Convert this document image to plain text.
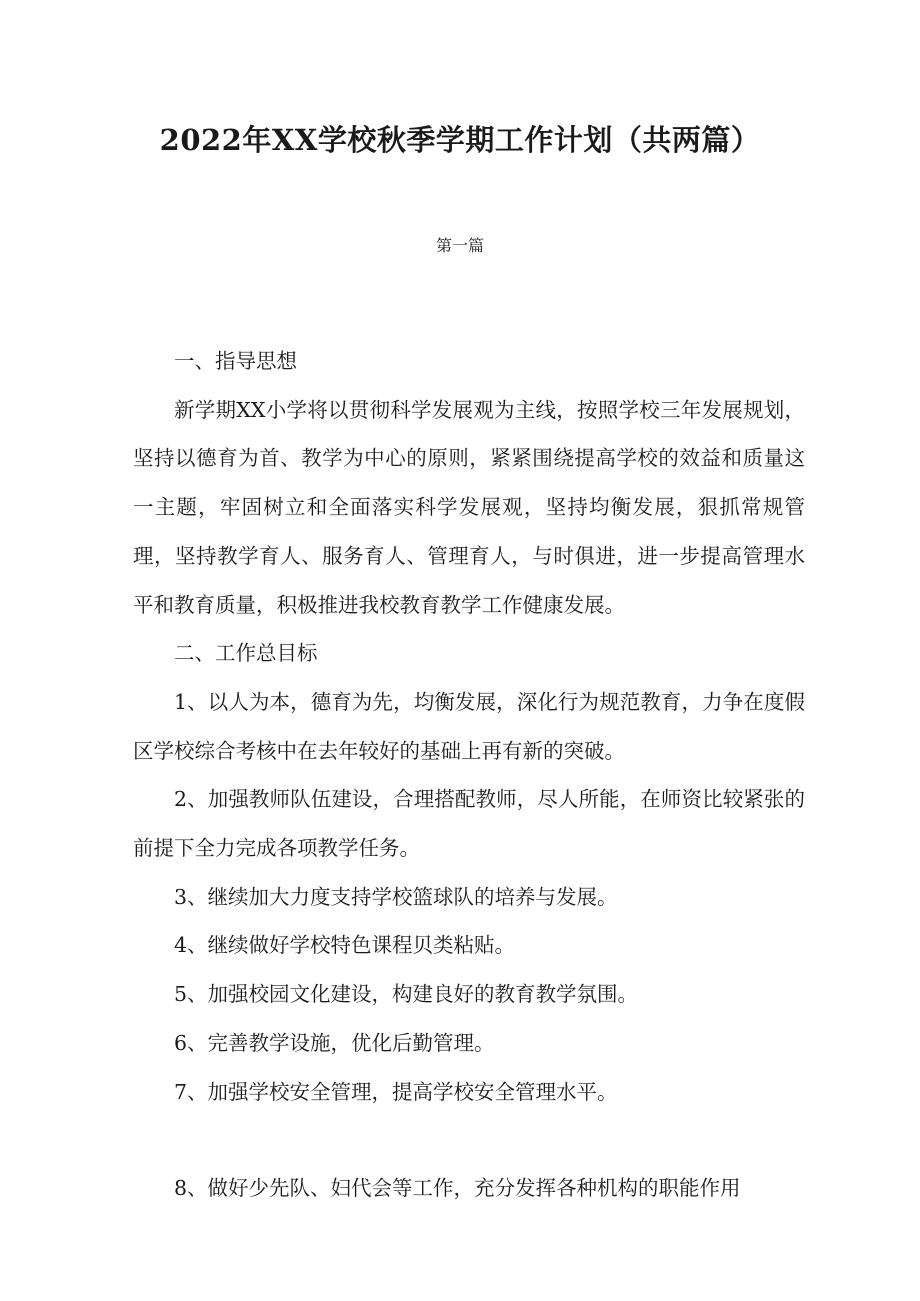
2022年XX学校秋季学期工作计划（共两篇）
第一篇

一、指导思想

新学期XX小学将以贯彻科学发展观为主线，按照学校三年发展规划，坚持以德育为首、教学为中心的原则，紧紧围绕提高学校的效益和质量这一主题，牢固树立和全面落实科学发展观，坚持均衡发展，狠抓常规管理，坚持教学育人、服务育人、管理育人，与时俱进，进一步提高管理水平和教育质量，积极推进我校教育教学工作健康发展。

二、工作总目标

1、以人为本，德育为先，均衡发展，深化行为规范教育，力争在度假区学校综合考核中在去年较好的基础上再有新的突破。

2、加强教师队伍建设，合理搭配教师，尽人所能，在师资比较紧张的前提下全力完成各项教学任务。

3、继续加大力度支持学校篮球队的培养与发展。

4、继续做好学校特色课程贝类粘贴。

5、加强校园文化建设，构建良好的教育教学氛围。

6、完善教学设施，优化后勤管理。

7、加强学校安全管理，提高学校安全管理水平。

8、做好少先队、妇代会等工作，充分发挥各种机构的职能作用
